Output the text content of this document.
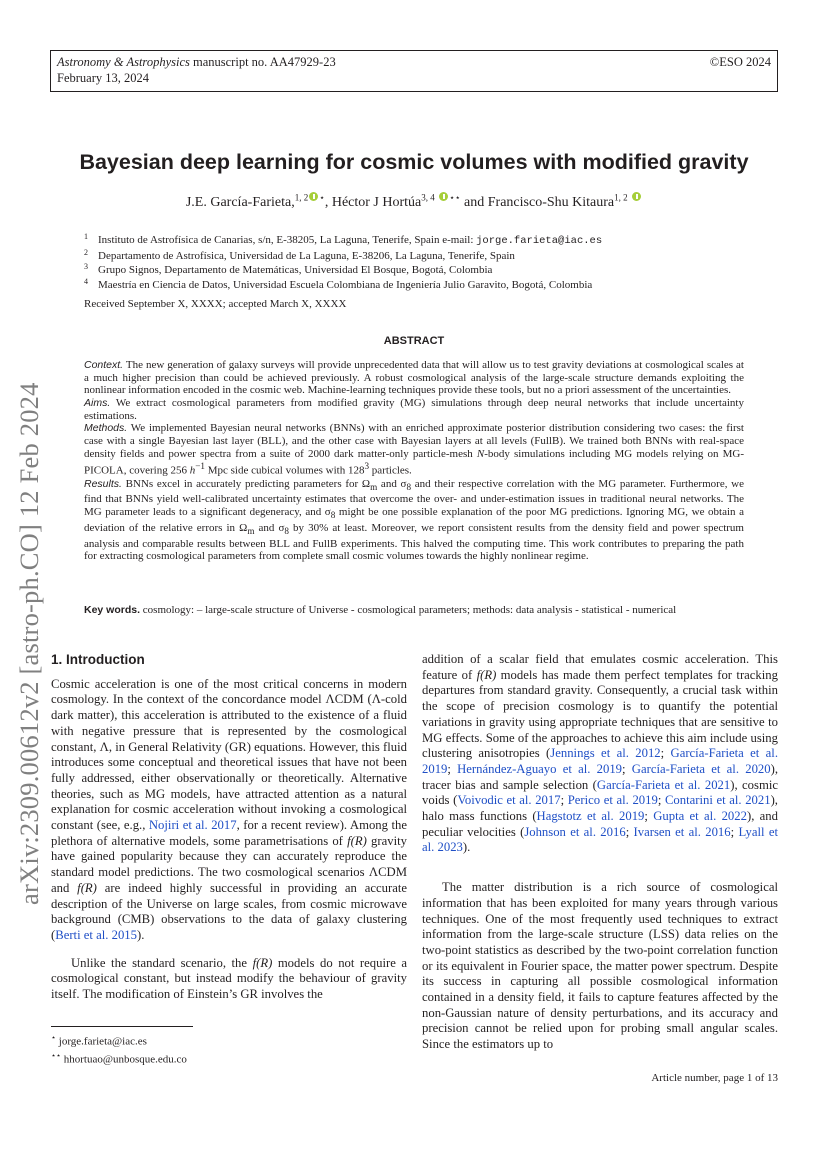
Astronomy & Astrophysics manuscript no. AA47929-23
February 13, 2024
©ESO 2024
arXiv:2309.00612v2 [astro-ph.CO] 12 Feb 2024
Bayesian deep learning for cosmic volumes with modified gravity
J.E. García-Farieta,$^{1, 2}$ ⋆, Héctor J Hortúa$^{3, 4}$ ⋆⋆ and Francisco-Shu Kitaura$^{1, 2}$
1 Instituto de Astrofísica de Canarias, s/n, E-38205, La Laguna, Tenerife, Spain e-mail: jorge.farieta@iac.es
2 Departamento de Astrofísica, Universidad de La Laguna, E-38206, La Laguna, Tenerife, Spain
3 Grupo Signos, Departamento de Matemáticas, Universidad El Bosque, Bogotá, Colombia
4 Maestría en Ciencia de Datos, Universidad Escuela Colombiana de Ingeniería Julio Garavito, Bogotá, Colombia
Received September X, XXXX; accepted March X, XXXX
ABSTRACT

Context. The new generation of galaxy surveys will provide unprecedented data that will allow us to test gravity deviations at cosmological scales at a much higher precision than could be achieved previously. A robust cosmological analysis of the large-scale structure demands exploiting the nonlinear information encoded in the cosmic web. Machine-learning techniques provide these tools, but no a priori assessment of the uncertainties.

Aims. We extract cosmological parameters from modified gravity (MG) simulations through deep neural networks that include uncertainty estimations.

Methods. We implemented Bayesian neural networks (BNNs) with an enriched approximate posterior distribution considering two cases: the first case with a single Bayesian last layer (BLL), and the other case with Bayesian layers at all levels (FullB). We trained both BNNs with real-space density fields and power spectra from a suite of 2000 dark matter-only particle-mesh N-body simulations including MG models relying on MG-PICOLA, covering 256 $h^{-1}$ Mpc side cubical volumes with $128^3$ particles.

Results. BNNs excel in accurately predicting parameters for $\Omega_m$ and $\sigma_8$ and their respective correlation with the MG parameter. Furthermore, we find that BNNs yield well-calibrated uncertainty estimates that overcome the over- and under-estimation issues in traditional neural networks. The MG parameter leads to a significant degeneracy, and $\sigma_8$ might be one possible explanation of the poor MG predictions. Ignoring MG, we obtain a deviation of the relative errors in $\Omega_m$ and $\sigma_8$ by 30% at least. Moreover, we report consistent results from the density field and power spectrum analysis and comparable results between BLL and FullB experiments. This halved the computing time. This work contributes to preparing the path for extracting cosmological parameters from complete small cosmic volumes towards the highly nonlinear regime.

Key words. cosmology: – large-scale structure of Universe - cosmological parameters; methods: data analysis - statistical - numerical
1. Introduction

Cosmic acceleration is one of the most critical concerns in modern cosmology. In the context of the concordance model ΛCDM (Λ-cold dark matter), this acceleration is attributed to the existence of a fluid with negative pressure that is represented by the cosmological constant, Λ, in General Relativity (GR) equations. However, this fluid introduces some conceptual and theoretical issues that have not been fully addressed, either observationally or theoretically. Alternative theories, such as MG models, have attracted attention as a natural explanation for cosmic acceleration without invoking a cosmological constant (see, e.g., Nojiri et al. 2017, for a recent review). Among the plethora of alternative models, some parametrisations of f(R) gravity have gained popularity because they can accurately reproduce the standard model predictions. The two cosmological scenarios ΛCDM and f(R) are indeed highly successful in providing an accurate description of the Universe on large scales, from cosmic microwave background (CMB) observations to the data of galaxy clustering (Berti et al. 2015).

Unlike the standard scenario, the f(R) models do not require a cosmological constant, but instead modify the behaviour of gravity itself. The modification of Einstein’s GR involves the

addition of a scalar field that emulates cosmic acceleration. This feature of f(R) models has made them perfect templates for tracking departures from standard gravity. Consequently, a crucial task within the scope of precision cosmology is to quantify the potential variations in gravity using appropriate techniques that are sensitive to MG effects. Some of the approaches to achieve this aim include using clustering anisotropies (Jennings et al. 2012; García-Farieta et al. 2019; Hernández-Aguayo et al. 2019; García-Farieta et al. 2020), tracer bias and sample selection (García-Farieta et al. 2021), cosmic voids (Voivodic et al. 2017; Perico et al. 2019; Contarini et al. 2021), halo mass functions (Hagstotz et al. 2019; Gupta et al. 2022), and peculiar velocities (Johnson et al. 2016; Ivarsen et al. 2016; Lyall et al. 2023).

The matter distribution is a rich source of cosmological information that has been exploited for many years through various techniques. One of the most frequently used techniques to extract information from the large-scale structure (LSS) data relies on the two-point statistics as described by the two-point correlation function or its equivalent in Fourier space, the matter power spectrum. Despite its success in capturing all possible cosmological information contained in a density field, it fails to capture features affected by the non-Gaussian nature of density perturbations, and its accuracy and precision cannot be relied upon for probing small angular scales. Since the estimators up to

⋆ jorge.farieta@iac.es
⋆⋆ hhortuao@unbosque.edu.co
Article number, page 1 of 13
